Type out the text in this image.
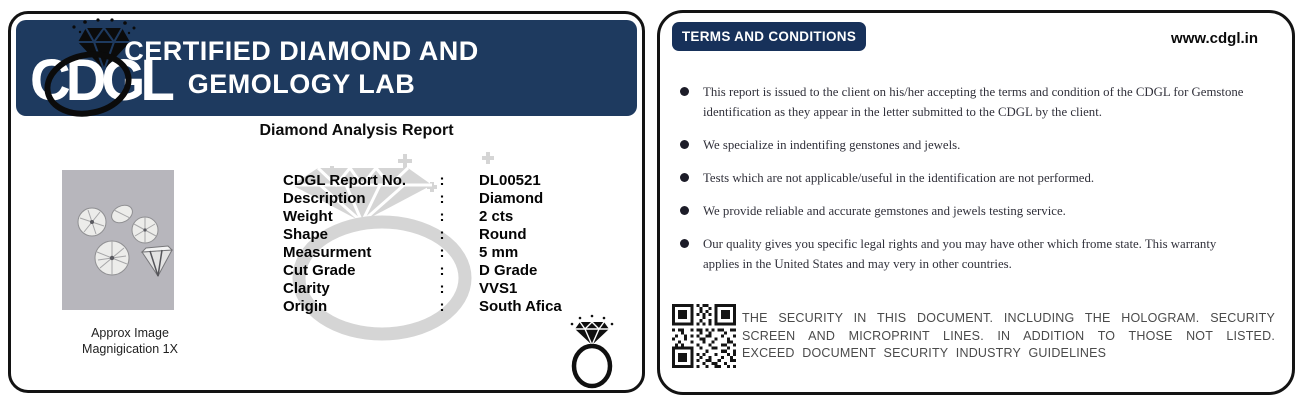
CDGL
CERTIFIED DIAMOND AND
GEMOLOGY LAB
Diamond Analysis Report
Approx Image
Magnigication 1X
CDGL Report No.	:	DL00521
Description	:	Diamond
Weight	:	2 cts
Shape	:	Round
Measurment	:	5 mm
Cut Grade	:	D Grade
Clarity	:	VVS1
Origin	:	South Afica
TERMS AND CONDITIONS	www.cdgl.in
This report is issued to the client on his/her accepting the terms and condition of the CDGL for Gemstone identification as they appear in the letter submitted to the CDGL by the client.
We specialize in indentifing genstones and jewels.
Tests which are not applicable/useful in the identification are not performed.
We provide reliable and accurate gemstones and jewels testing service.
Our quality gives you specific legal rights and you may have other which frome state. This warranty applies in the United States and may very in other countries.
THE SECURITY IN THIS DOCUMENT. INCLUDING THE HOLOGRAM. SECURITY SCREEN AND MICROPRINT LINES. IN ADDITION TO THOSE NOT LISTED. EXCEED DOCUMENT SECURITY INDUSTRY GUIDELINES
